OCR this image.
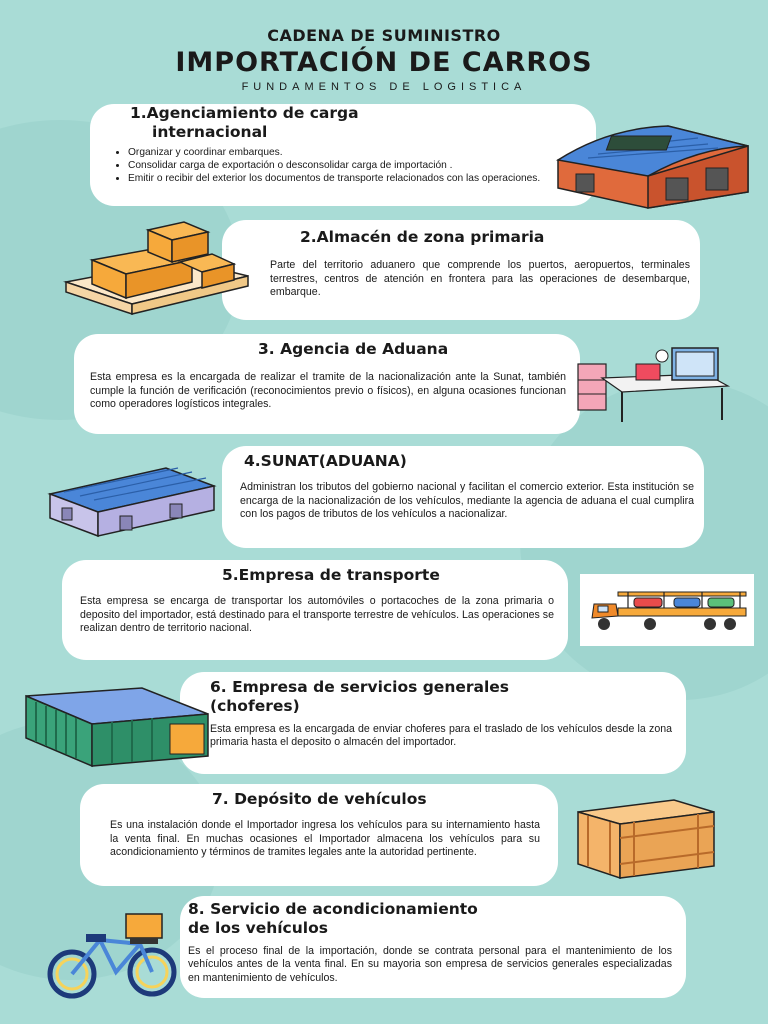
CADENA DE SUMINISTRO
IMPORTACIÓN DE CARROS
FUNDAMENTOS DE LOGISTICA
1.Agenciamiento de carga
internacional
• Organizar y coordinar embarques.
• Consolidar carga de exportación o desconsolidar carga de importación .
• Emitir o recibir del exterior los documentos de transporte relacionados con las operaciones.
2.Almacén de zona primaria

Parte del territorio aduanero que comprende los puertos, aeropuertos, terminales terrestres, centros de atención en frontera para las operaciones de desembarque, embarque.

3. Agencia de Aduana

Esta empresa es la encargada de realizar el tramite de la nacionalización ante la Sunat, también cumple la función de verificación (reconocimientos previo o físicos), en alguna ocasiones funcionan como operadores logísticos integrales.

4.SUNAT(ADUANA)

Administran los tributos del gobierno nacional y facilitan el comercio exterior. Esta institución se encarga de la nacionalización de los vehículos, mediante la agencia de aduana el cual cumplira con los pagos de tributos de los vehículos a nacionalizar.

5.Empresa de transporte

Esta empresa se encarga de transportar los automóviles o portacoches de la zona primaria o deposito del importador, está destinado para el transporte terrestre de vehículos. Las operaciones se realizan dentro de territorio nacional.

6. Empresa de servicios generales
(choferes)

Esta empresa es la encargada de enviar choferes para el traslado de los vehículos desde la zona primaria hasta el deposito o almacén del importador.

7. Depósito de vehículos

Es una instalación donde el Importador ingresa los vehículos para su internamiento hasta la venta final. En muchas ocasiones el Importador almacena los vehículos para su acondicionamiento y términos de tramites legales ante la autoridad pertinente.

8. Servicio de acondicionamiento
de los vehículos

Es el proceso final de la importación, donde se contrata personal para el mantenimiento de los vehículos antes de la venta final. En su mayoria son empresa de servicios generales especializadas en mantenimiento de vehículos.
